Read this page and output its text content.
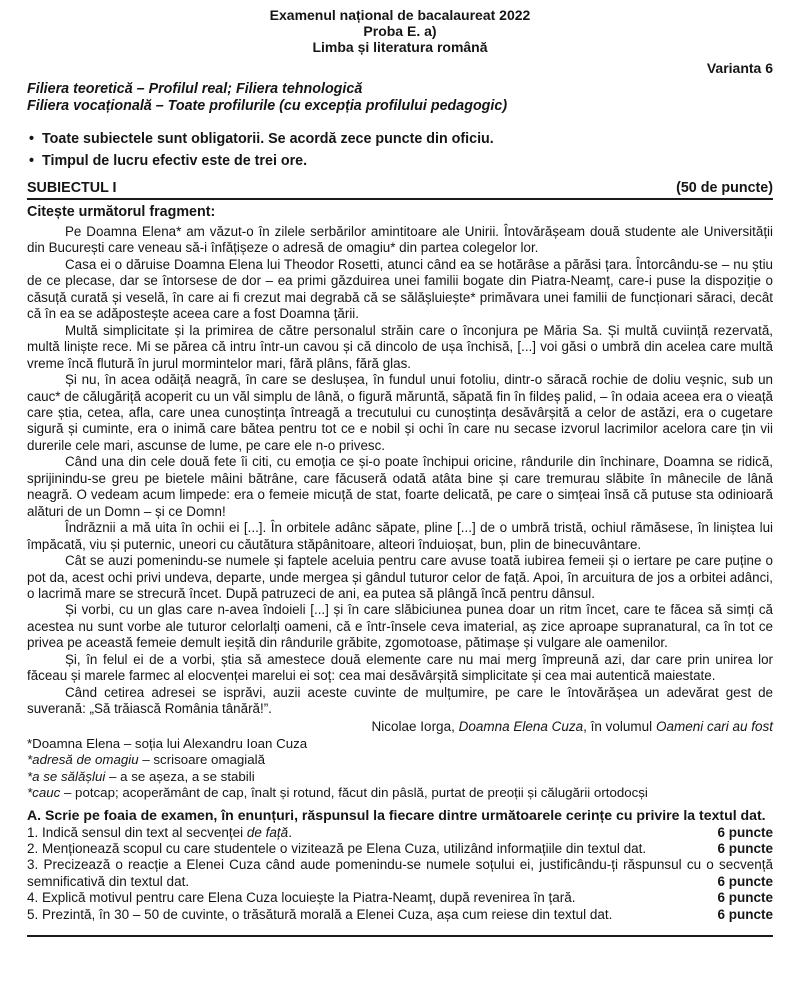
Examenul național de bacalaureat 2022
Proba E. a)
Limba și literatura română
Varianta 6
Filiera teoretică – Profilul real; Filiera tehnologică
Filiera vocațională – Toate profilurile (cu excepția profilului pedagogic)
• Toate subiectele sunt obligatorii. Se acordă zece puncte din oficiu.
• Timpul de lucru efectiv este de trei ore.
SUBIECTUL I	(50 de puncte)
Citește următorul fragment:
Pe Doamna Elena* am văzut-o în zilele serbărilor amintitoare ale Unirii. Întovărășeam două studente ale Universității din București care veneau să-i înfățișeze o adresă de omagiu* din partea colegelor lor.
Casa ei o dăruise Doamna Elena lui Theodor Rosetti, atunci când ea se hotărâse a părăsi țara. Întorcându-se – nu știu de ce plecase, dar se întorsese de dor – ea primi găzduirea unei familii bogate din Piatra-Neamț, care-i puse la dispoziție o căsuță curată și veselă, în care ai fi crezut mai degrabă că se sălășluiește* primăvara unei familii de funcționari săraci, decât că în ea se adăpostește aceea care a fost Doamna țării.
Multă simplicitate și la primirea de către personalul străin care o înconjura pe Măria Sa. Și multă cuviință rezervată, multă liniște rece. Mi se părea că intru într-un cavou și că dincolo de ușa închisă, [...] voi găsi o umbră din acelea care multă vreme încă flutură în jurul mormintelor mari, fără plâns, fără glas.
Și nu, în acea odăiță neagră, în care se deslușea, în fundul unui fotoliu, dintr-o săracă rochie de doliu veșnic, sub un cauc* de călugăriță acoperit cu un văl simplu de lână, o figură măruntă, săpată fin în fildeș palid, – în odaia aceea era o vieață care știa, cetea, afla, care unea cunoștința întreagă a trecutului cu cunoștința desăvârșită a celor de astăzi, era o cugetare sigură și cuminte, era o inimă care bătea pentru tot ce e nobil și ochi în care nu secase izvorul lacrimilor acelora care țin vii durerile cele mari, ascunse de lume, pe care ele n-o privesc.
Când una din cele două fete îi citi, cu emoția ce și-o poate închipui oricine, rândurile din închinare, Doamna se ridică, sprijinindu-se greu pe bietele mâini bătrâne, care făcuseră odată atâta bine și care tremurau slăbite în mânecile de lână neagră. O vedeam acum limpede: era o femeie micuță de stat, foarte delicată, pe care o simțeai însă că putuse sta odinioară alături de un Domn – și ce Domn!
Îndrăznii a mă uita în ochii ei [...]. În orbitele adânc săpate, pline [...] de o umbră tristă, ochiul rămăsese, în liniștea lui împăcată, viu și puternic, uneori cu căutătura stăpânitoare, alteori înduioșat, bun, plin de binecuvântare.
Cât se auzi pomenindu-se numele și faptele aceluia pentru care avuse toată iubirea femeii și o iertare pe care puține o pot da, acest ochi privi undeva, departe, unde mergea și gândul tuturor celor de față. Apoi, în arcuitura de jos a orbitei adânci, o lacrimă mare se strecură încet. După patruzeci de ani, ea putea să plângă încă pentru dânsul.
Și vorbi, cu un glas care n-avea îndoieli [...] și în care slăbiciunea punea doar un ritm încet, care te făcea să simți că acestea nu sunt vorbe ale tuturor celorlalți oameni, că e într-însele ceva imaterial, aș zice aproape supranatural, ca în tot ce privea pe această femeie demult ieșită din rândurile grăbite, zgomotoase, pătimașe și vulgare ale oamenilor.
Și, în felul ei de a vorbi, știa să amestece două elemente care nu mai merg împreună azi, dar care prin unirea lor făceau și marele farmec al elocvenței marelui ei soț: cea mai desăvârșită simplicitate și cea mai autentică maiestate.
Când cetirea adresei se isprăvi, auzii aceste cuvinte de mulțumire, pe care le întovărășea un adevărat gest de suverană: „Să trăiască România tânără!”.
Nicolae Iorga, Doamna Elena Cuza, în volumul Oameni cari au fost
*Doamna Elena – soția lui Alexandru Ioan Cuza
*adresă de omagiu – scrisoare omagială
*a se sălășlui – a se așeza, a se stabili
*cauc – potcap; acoperământ de cap, înalt și rotund, făcut din pâslă, purtat de preoții și călugării ortodocși
A. Scrie pe foaia de examen, în enunțuri, răspunsul la fiecare dintre următoarele cerințe cu privire la textul dat.
1. Indică sensul din text al secvenței de față.	6 puncte
2. Menționează scopul cu care studentele o vizitează pe Elena Cuza, utilizând informațiile din textul dat.	6 puncte
3. Precizează o reacție a Elenei Cuza când aude pomenindu-se numele soțului ei, justificându-ți răspunsul cu o secvență semnificativă din textul dat.	6 puncte
4. Explică motivul pentru care Elena Cuza locuiește la Piatra-Neamț, după revenirea în țară.	6 puncte
5. Prezintă, în 30 – 50 de cuvinte, o trăsătură morală a Elenei Cuza, așa cum reiese din textul dat.	6 puncte
